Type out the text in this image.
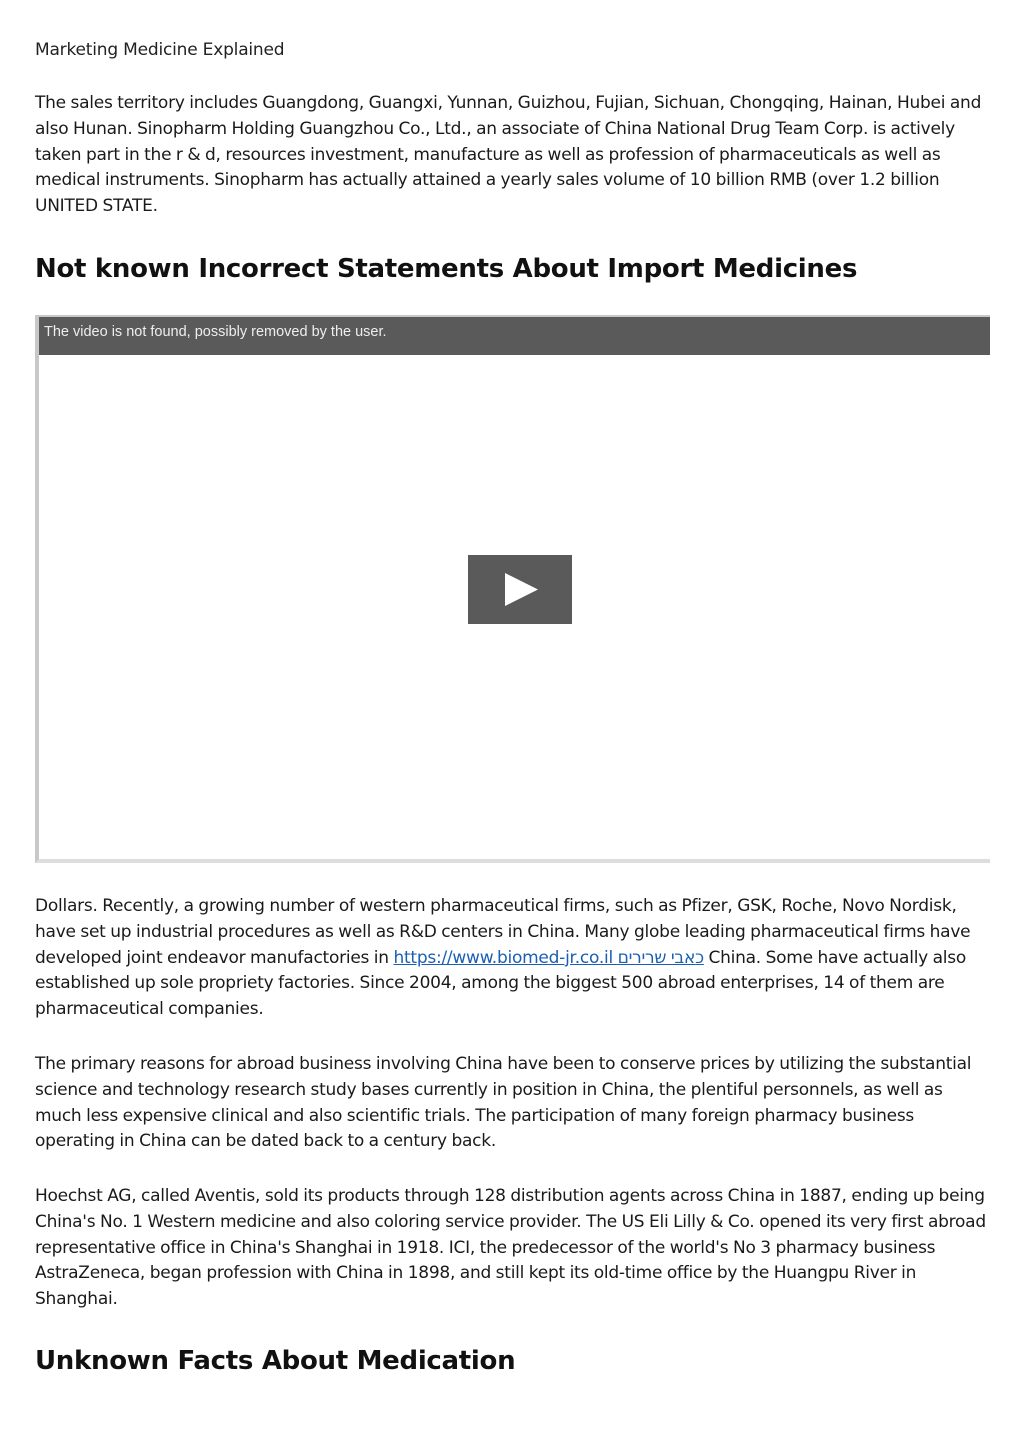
Marketing Medicine Explained

The sales territory includes Guangdong, Guangxi, Yunnan, Guizhou, Fujian, Sichuan, Chongqing, Hainan, Hubei and also Hunan. Sinopharm Holding Guangzhou Co., Ltd., an associate of China National Drug Team Corp. is actively taken part in the r & d, resources investment, manufacture as well as profession of pharmaceuticals as well as medical instruments. Sinopharm has actually attained a yearly sales volume of 10 billion RMB (over 1.2 billion UNITED STATE.

Not known Incorrect Statements About Import Medicines
The video is not found, possibly removed by the user.

Dollars. Recently, a growing number of western pharmaceutical firms, such as Pfizer, GSK, Roche, Novo Nordisk, have set up industrial procedures as well as R&D centers in China. Many globe leading pharmaceutical firms have developed joint endeavor manufactories in https://www.biomed-jr.co.il כאבי שרירים China. Some have actually also established up sole propriety factories. Since 2004, among the biggest 500 abroad enterprises, 14 of them are pharmaceutical companies.

The primary reasons for abroad business involving China have been to conserve prices by utilizing the substantial science and technology research study bases currently in position in China, the plentiful personnels, as well as much less expensive clinical and also scientific trials. The participation of many foreign pharmacy business operating in China can be dated back to a century back.

Hoechst AG, called Aventis, sold its products through 128 distribution agents across China in 1887, ending up being China's No. 1 Western medicine and also coloring service provider. The US Eli Lilly & Co. opened its very first abroad representative office in China's Shanghai in 1918. ICI, the predecessor of the world's No 3 pharmacy business AstraZeneca, began profession with China in 1898, and still kept its old-time office by the Huangpu River in Shanghai.

Unknown Facts About Medication
